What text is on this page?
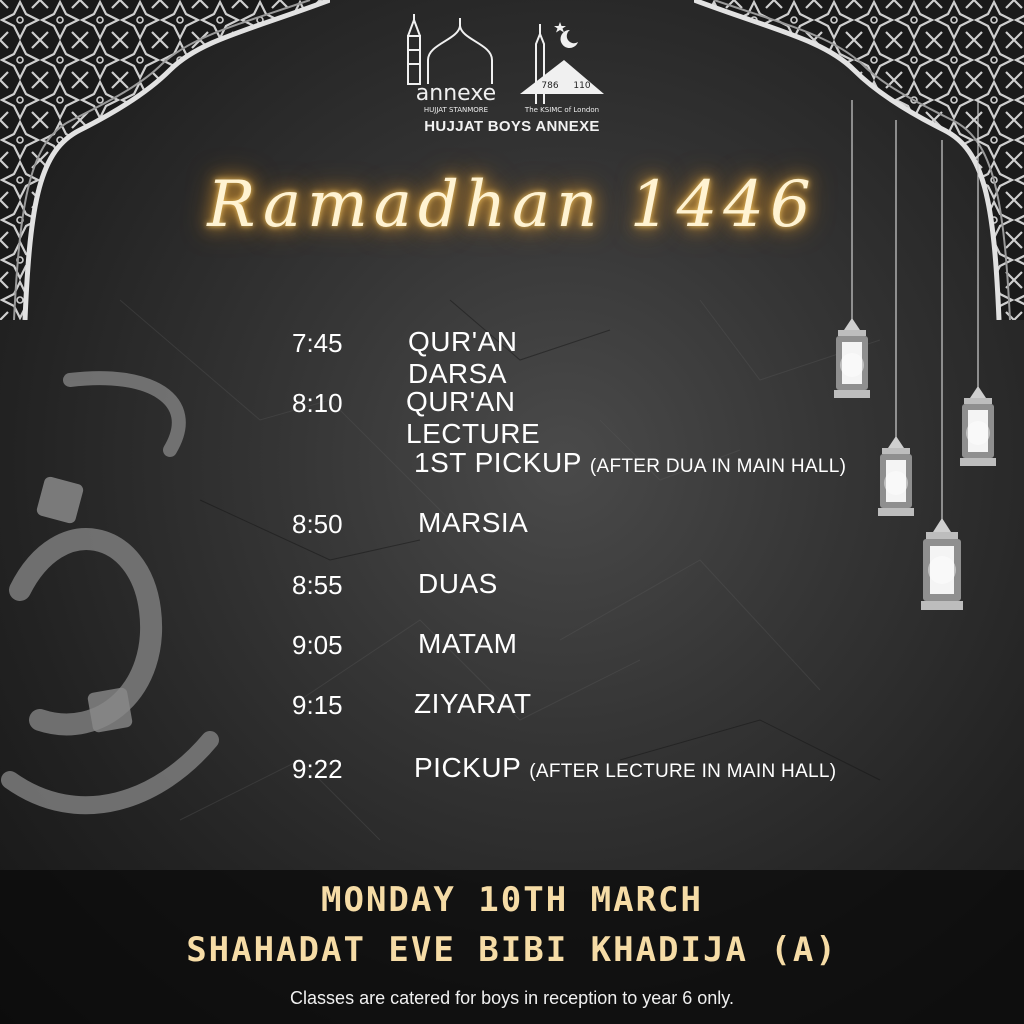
annexe
HUJJAT STANMORE
786 110
The KSIMC of London
HUJJAT BOYS ANNEXE
Ramadhan 1446
7:45 QUR'AN DARSA
8:10 QUR'AN LECTURE
1ST PICKUP (AFTER DUA IN MAIN HALL)
8:50	MARSIA
8:55	DUAS
9:05	MATAM
9:15	ZIYARAT
9:22	PICKUP (AFTER LECTURE IN MAIN HALL)
MONDAY 10TH MARCH
SHAHADAT EVE BIBI KHADIJA (A)
Classes are catered for boys in reception to year 6 only.
